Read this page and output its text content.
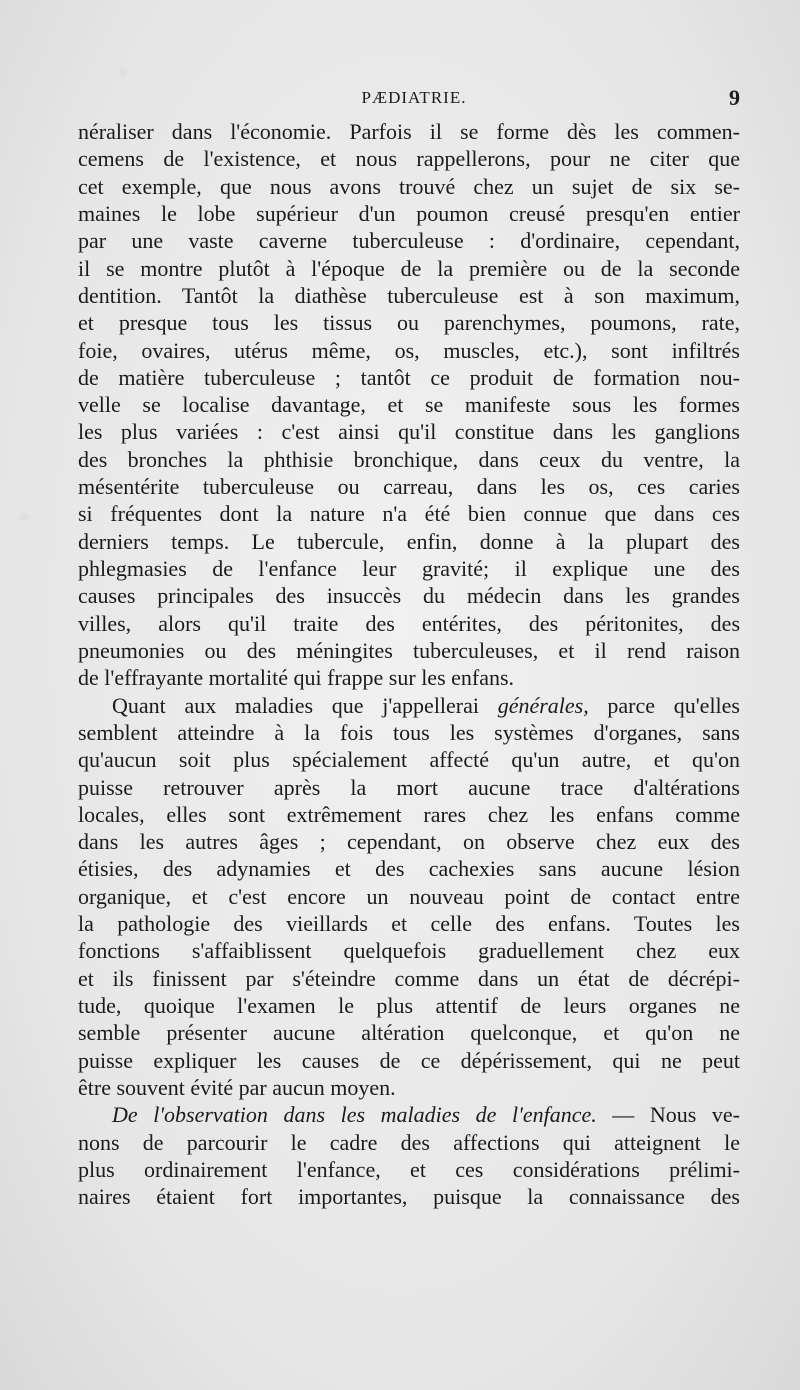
PÆDIATRIE.	9
néraliser dans l'économie. Parfois il se forme dès les commen-
cemens de l'existence, et nous rappellerons, pour ne citer que
cet exemple, que nous avons trouvé chez un sujet de six se-
maines le lobe supérieur d'un poumon creusé presqu'en entier
par une vaste caverne tuberculeuse : d'ordinaire, cependant,
il se montre plutôt à l'époque de la première ou de la seconde
dentition. Tantôt la diathèse tuberculeuse est à son maximum,
et presque tous les tissus ou parenchymes, poumons, rate,
foie, ovaires, utérus même, os, muscles, etc.), sont infiltrés
de matière tuberculeuse ; tantôt ce produit de formation nou-
velle se localise davantage, et se manifeste sous les formes
les plus variées : c'est ainsi qu'il constitue dans les ganglions
des bronches la phthisie bronchique, dans ceux du ventre, la
mésentérite tuberculeuse ou carreau, dans les os, ces caries
si fréquentes dont la nature n'a été bien connue que dans ces
derniers temps. Le tubercule, enfin, donne à la plupart des
phlegmasies de l'enfance leur gravité; il explique une des
causes principales des insuccès du médecin dans les grandes
villes, alors qu'il traite des entérites, des péritonites, des
pneumonies ou des méningites tuberculeuses, et il rend raison
de l'effrayante mortalité qui frappe sur les enfans.
Quant aux maladies que j'appellerai générales, parce qu'elles
semblent atteindre à la fois tous les systèmes d'organes, sans
qu'aucun soit plus spécialement affecté qu'un autre, et qu'on
puisse retrouver après la mort aucune trace d'altérations
locales, elles sont extrêmement rares chez les enfans comme
dans les autres âges ; cependant, on observe chez eux des
étisies, des adynamies et des cachexies sans aucune lésion
organique, et c'est encore un nouveau point de contact entre
la pathologie des vieillards et celle des enfans. Toutes les
fonctions s'affaiblissent quelquefois graduellement chez eux
et ils finissent par s'éteindre comme dans un état de décrépi-
tude, quoique l'examen le plus attentif de leurs organes ne
semble présenter aucune altération quelconque, et qu'on ne
puisse expliquer les causes de ce dépérissement, qui ne peut
être souvent évité par aucun moyen.
De l'observation dans les maladies de l'enfance. — Nous ve-
nons de parcourir le cadre des affections qui atteignent le
plus ordinairement l'enfance, et ces considérations prélimi-
naires étaient fort importantes, puisque la connaissance des
